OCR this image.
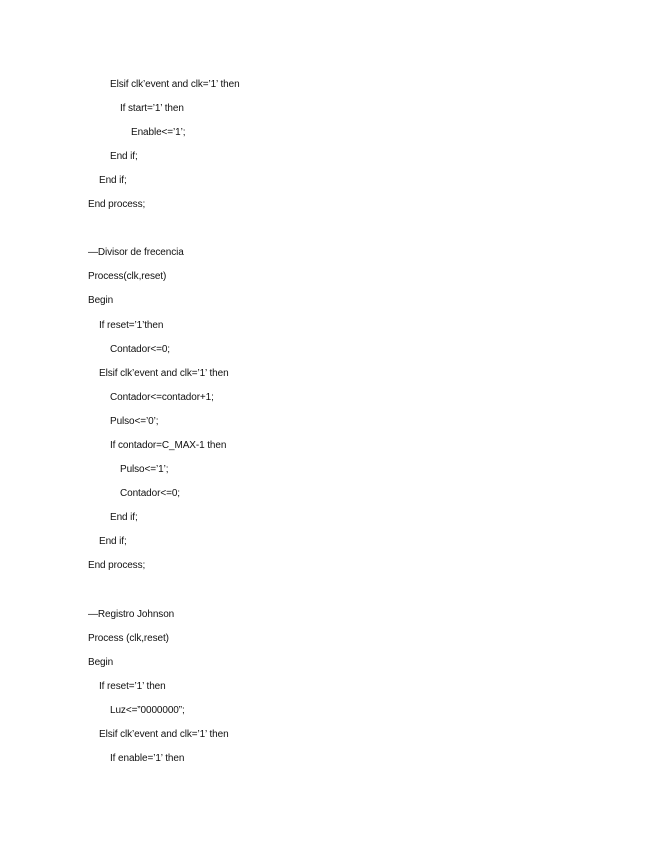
Elsif clk’event and clk=’1’ then
If start=’1’ then
Enable<=’1’;
End if;
End if;
End process;
—Divisor de frecencia
Process(clk,reset)
Begin
If reset=’1’then
Contador<=0;
Elsif clk’event and clk=’1’ then
Contador<=contador+1;
Pulso<=’0’;
If contador=C_MAX-1 then
Pulso<=’1’;
Contador<=0;
End if;
End if;
End process;
—Registro Johnson
Process (clk,reset)
Begin
If reset=’1’ then
Luz<=”0000000”;
Elsif clk’event and clk=’1’ then
If enable=’1’ then
